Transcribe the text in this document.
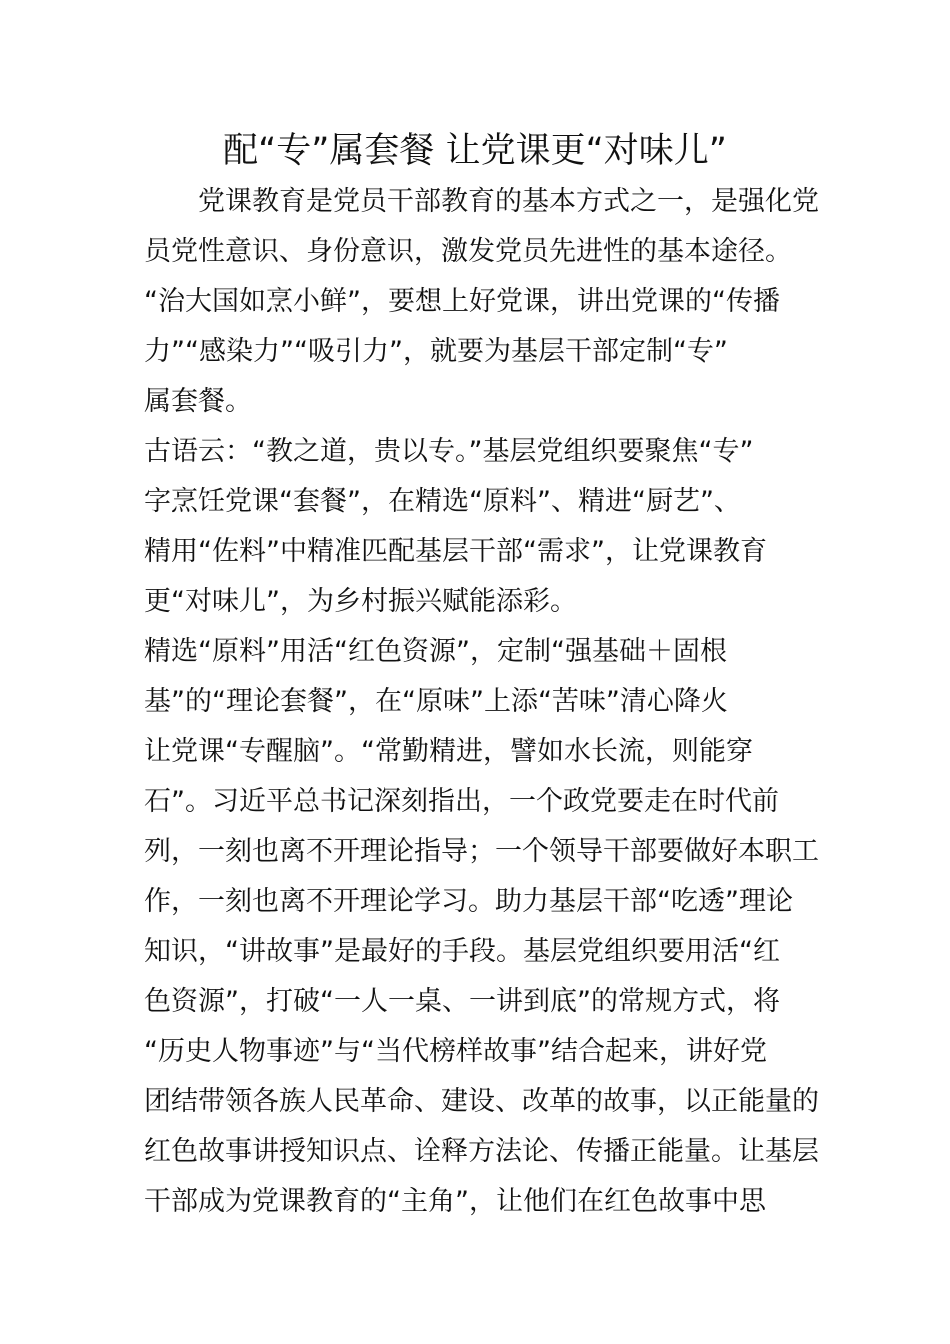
配“专”属套餐 让党课更“对味儿”
　　党课教育是党员干部教育的基本方式之一，是强化党
员党性意识、身份意识，激发党员先进性的基本途径。
“治大国如烹小鲜”，要想上好党课，讲出党课的“传播
力”“感染力”“吸引力”，就要为基层干部定制“专”
属套餐。
古语云：“教之道，贵以专。”基层党组织要聚焦“专”
字烹饪党课“套餐”，在精选“原料”、精进“厨艺”、
精用“佐料”中精准匹配基层干部“需求”，让党课教育
更“对味儿”，为乡村振兴赋能添彩。
精选“原料”用活“红色资源”，定制“强基础＋固根
基”的“理论套餐”，在“原味”上添“苦味”清心降火
让党课“专醒脑”。“常勤精进，譬如水长流，则能穿
石”。习近平总书记深刻指出，一个政党要走在时代前
列，一刻也离不开理论指导；一个领导干部要做好本职工
作，一刻也离不开理论学习。助力基层干部“吃透”理论
知识，“讲故事”是最好的手段。基层党组织要用活“红
色资源”，打破“一人一桌、一讲到底”的常规方式，将
“历史人物事迹”与“当代榜样故事”结合起来，讲好党
团结带领各族人民革命、建设、改革的故事，以正能量的
红色故事讲授知识点、诠释方法论、传播正能量。让基层
干部成为党课教育的“主角”，让他们在红色故事中思
